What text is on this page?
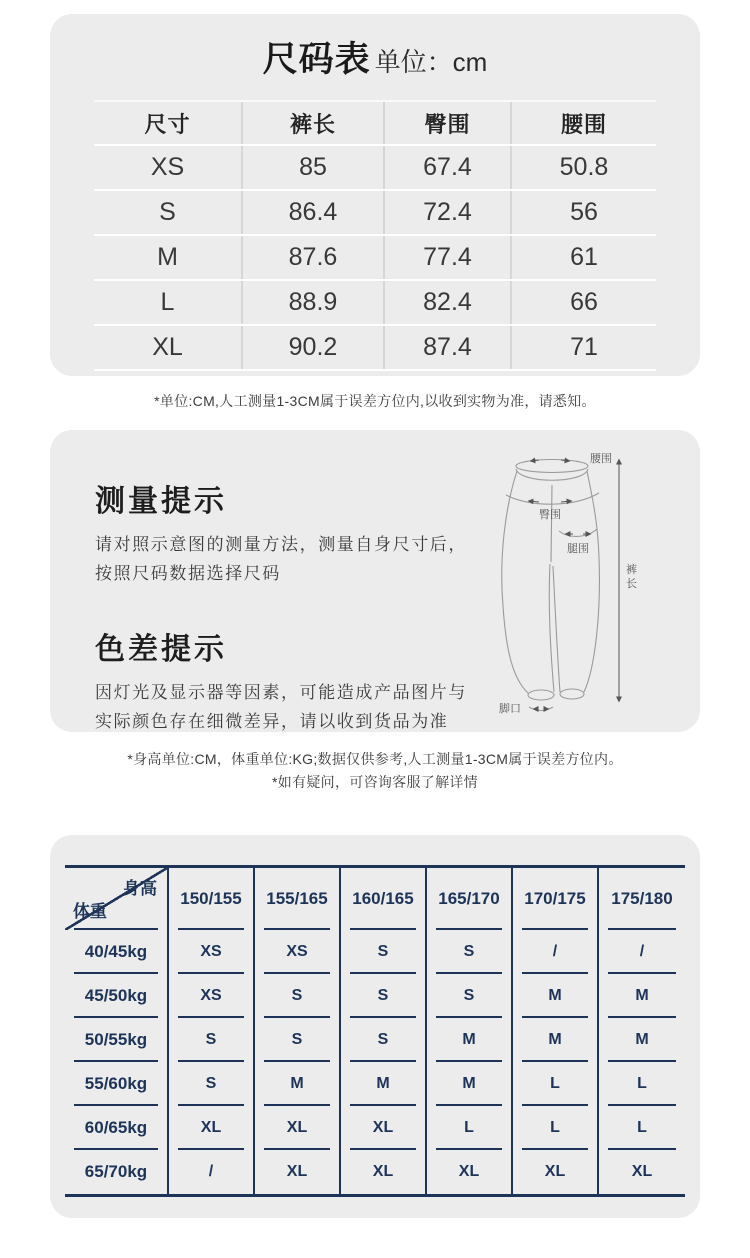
尺码表 单位：cm
尺寸	裤长	臀围	腰围
XS	85	67.4	50.8
S	86.4	72.4	56
M	87.6	77.4	61
L	88.9	82.4	66
XL	90.2	87.4	71
*单位:CM,人工测量1-3CM属于误差方位内,以收到实物为准，请悉知。
测量提示

请对照示意图的测量方法，测量自身尺寸后，
按照尺码数据选择尺码

色差提示

因灯光及显示器等因素，可能造成产品图片与
实际颜色存在细微差异，请以收到货品为准

腰围
臀围
腿围
脚口
裤
长
*身高单位:CM，体重单位:KG;数据仅供参考,人工测量1-3CM属于误差方位内。
*如有疑问，可咨询客服了解详情
身高
体重
150/155	155/165	160/165	165/170	170/175	175/180
40/45kg	XS	XS	S	S	/	/
45/50kg	XS	S	S	S	M	M
50/55kg	S	S	S	M	M	M
55/60kg	S	M	M	M	L	L
60/65kg	XL	XL	XL	L	L	L
65/70kg	/	XL	XL	XL	XL	XL
